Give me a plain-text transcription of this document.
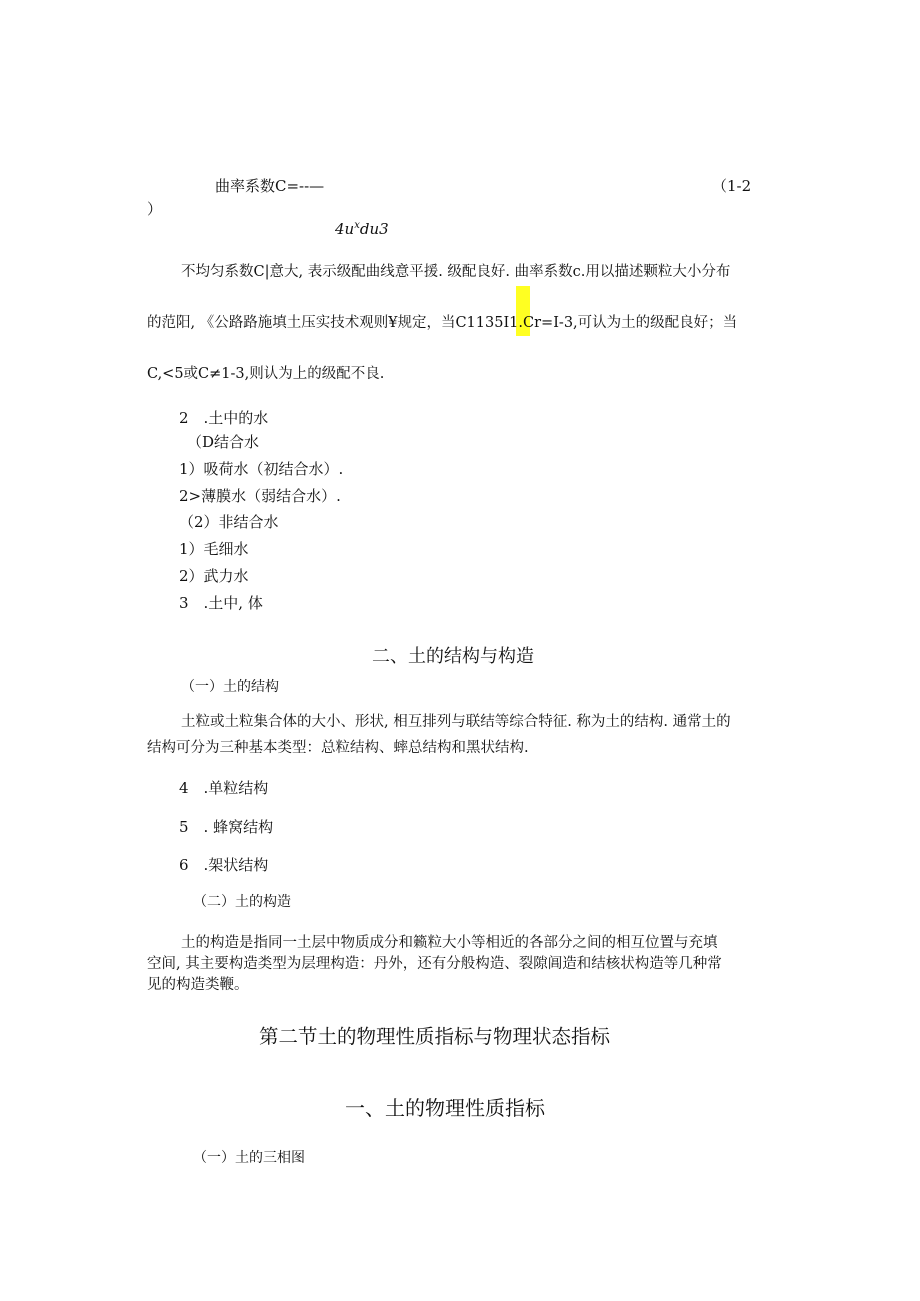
曲率系数C=--—	（1-2
）
$4u^xdu3$
不均匀系数C|意大, 表示级配曲线意平援. 级配良好. 曲率系数c.用以描述颗粒大小分布
的范阳, 《公路路施填土压实技术观则¥规定，当C1135I1.Cr=I-3,可认为土的级配良好；当
C,<5或C≠1-3,则认为上的级配不良.
2　.土中的水
（D结合水
1）吸荷水（初结合水）.
2>薄膜水（弱结合水）.
（2）非结合水
1）毛细水
2）武力水
3　.土中, 体
二、土的结构与构造
（一）土的结构
土粒或土粒集合体的大小、形状, 相互排列与联结等综合特征. 称为土的结构. 通常土的
结构可分为三种基本类型：总粒结构、蟀总结构和黑状结构.
4　.单粒结构
5　. 蜂窝结构
6　.架状结构
（二）土的构造
土的构造是指同一土层中物质成分和籁粒大小等相近的各部分之间的相互位置与充填
空间, 其主要构造类型为层理构造：丹外，还有分般构造、裂隙阊造和结核状构造等几种常
见的构造类鞭。
第二节土的物理性质指标与物理状态指标
一、土的物理性质指标
（一）土的三相图
